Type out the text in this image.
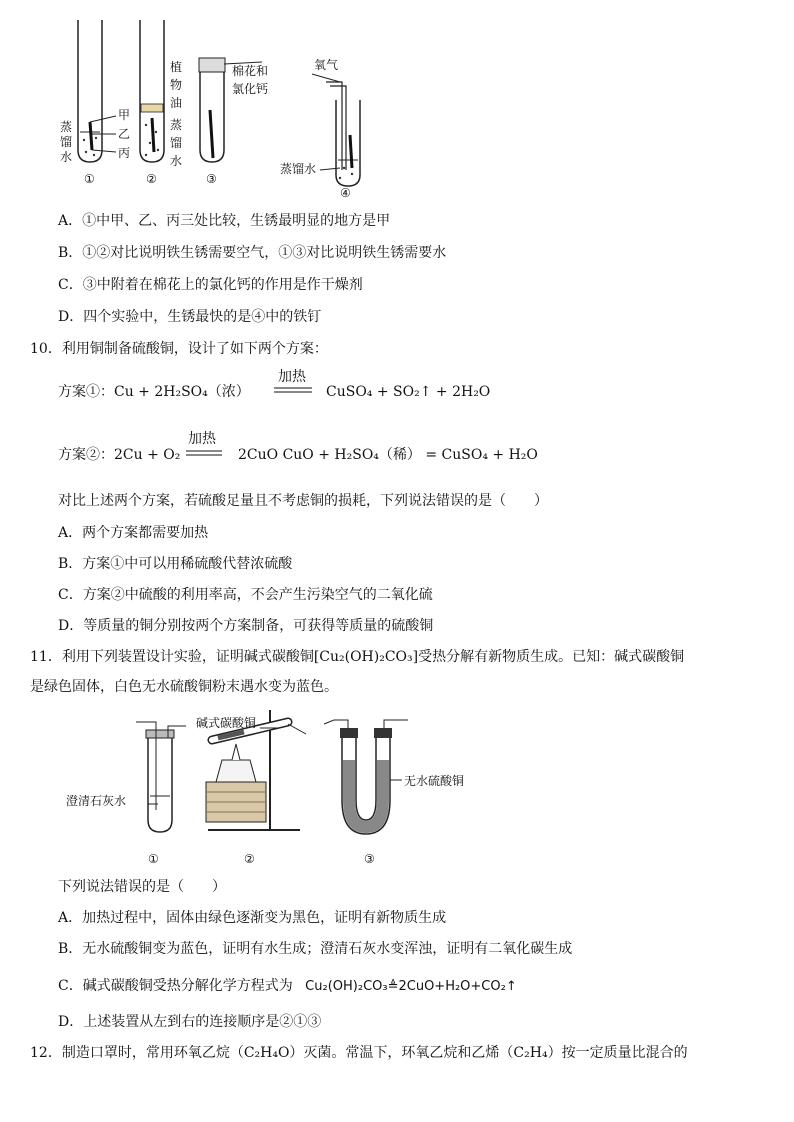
蒸
馏
水
甲
乙
丙
①
植
物
油
蒸
馏
水
②
棉花和
氯化钙
③
氧气
蒸馏水
④
A．①中甲、乙、丙三处比较，生锈最明显的地方是甲
B．①②对比说明铁生锈需要空气，①③对比说明铁生锈需要水
C．③中附着在棉花上的氯化钙的作用是作干燥剂
D．四个实验中，生锈最快的是④中的铁钉
10．利用铜制备硫酸铜，设计了如下两个方案：
方案①：Cu + 2H₂SO₄（浓）
加热
CuSO₄ + SO₂↑ + 2H₂O
方案②：2Cu + O₂
加热
2CuO CuO + H₂SO₄（稀） = CuSO₄ + H₂O
对比上述两个方案，若硫酸足量且不考虑铜的损耗，下列说法错误的是（　　）
A．两个方案都需要加热
B．方案①中可以用稀硫酸代替浓硫酸
C．方案②中硫酸的利用率高，不会产生污染空气的二氧化硫
D．等质量的铜分别按两个方案制备，可获得等质量的硫酸铜
11．利用下列装置设计实验，证明碱式碳酸铜[Cu₂(OH)₂CO₃]受热分解有新物质生成。已知：碱式碳酸铜
是绿色固体，白色无水硫酸铜粉末遇水变为蓝色。
澄清石灰水
碱式碳酸铜
无水硫酸铜
①	②	③
下列说法错误的是（　　）
A．加热过程中，固体由绿色逐渐变为黑色，证明有新物质生成
B．无水硫酸铜变为蓝色，证明有水生成；澄清石灰水变浑浊，证明有二氧化碳生成
C．碱式碳酸铜受热分解化学方程式为 Cu₂(OH)₂CO₃≜2CuO+H₂O+CO₂↑
D．上述装置从左到右的连接顺序是②①③
12．制造口罩时，常用环氧乙烷（C₂H₄O）灭菌。常温下，环氧乙烷和乙烯（C₂H₄）按一定质量比混合的
